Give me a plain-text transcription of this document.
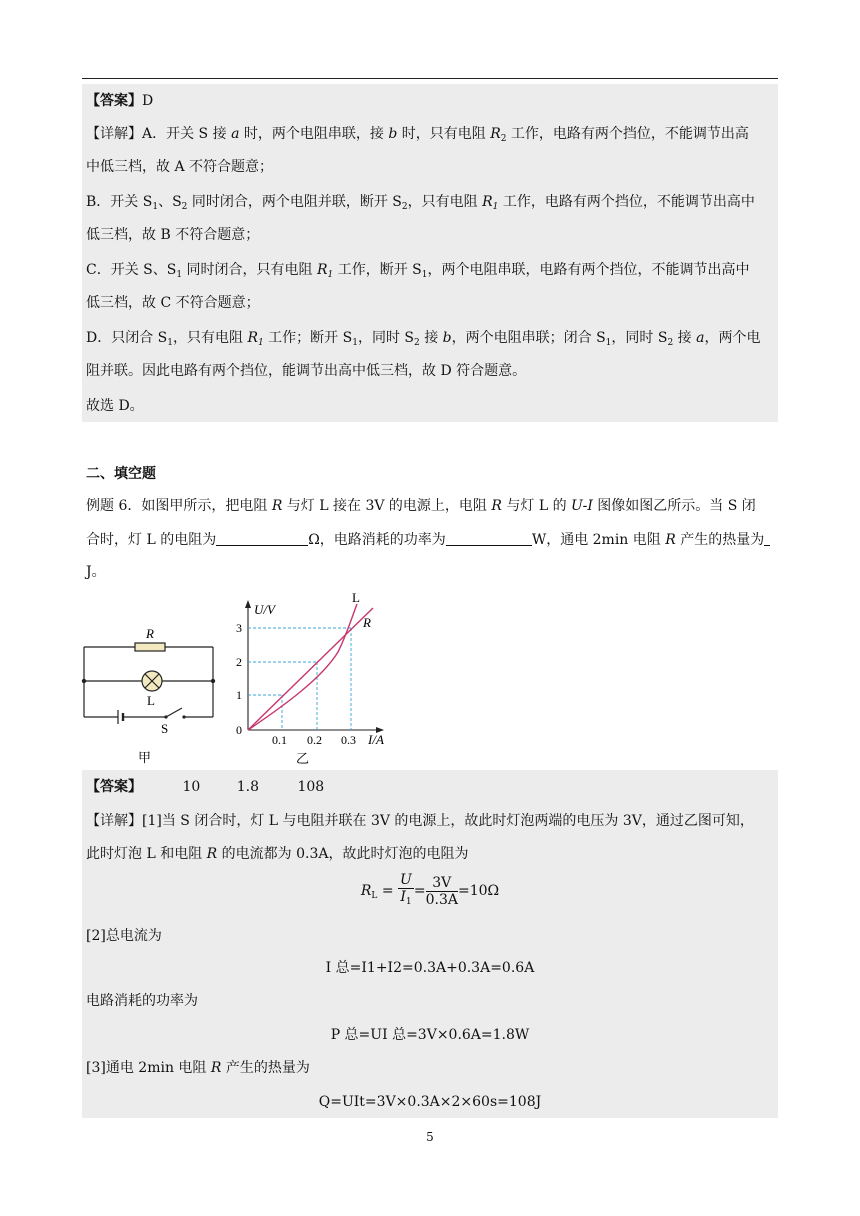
【答案】D
【详解】A．开关 S 接 a 时，两个电阻串联，接 b 时，只有电阻 $R_2$ 工作，电路有两个挡位，不能调节出高
中低三档，故 A 不符合题意；
B．开关 $S_1$、$S_2$ 同时闭合，两个电阻并联，断开 $S_2$，只有电阻 $R_1$ 工作，电路有两个挡位，不能调节出高中
低三档，故 B 不符合题意；
C．开关 S、$S_1$ 同时闭合，只有电阻 $R_1$ 工作，断开 $S_1$，两个电阻串联，电路有两个挡位，不能调节出高中
低三档，故 C 不符合题意；
D．只闭合 $S_1$，只有电阻 $R_1$ 工作；断开 $S_1$，同时 $S_2$ 接 b，两个电阻串联；闭合 $S_1$，同时 $S_2$ 接 a，两个电
阻并联。因此电路有两个挡位，能调节出高中低三档，故 D 符合题意。
故选 D。
二、填空题
例题 6．如图甲所示，把电阻 R 与灯 L 接在 3V 的电源上，电阻 R 与灯 L 的 U-I 图像如图乙所示。当 S 闭
合时，灯 L 的电阻为	Ω，电路消耗的功率为	W，通电 2min 电阻 R 产生的热量为
J。
R
L
S
甲
U/V
I/A
0
1
2
3
0.1 0.2 0.3
L
R
乙
【答案】	10	1.8	108
【详解】[1]当 S 闭合时，灯 L 与电阻并联在 3V 的电源上，故此时灯泡两端的电压为 3V，通过乙图可知，
此时灯泡 L 和电阻 R 的电流都为 0.3A，故此时灯泡的电阻为
$R_L = \frac{U}{I_1} = \frac{3V}{0.3A} =10\Omega$
[2]总电流为
I 总=I1+I2=0.3A+0.3A=0.6A
电路消耗的功率为
P 总=UI 总=3V×0.6A=1.8W
[3]通电 2min 电阻 R 产生的热量为
Q=UIt=3V×0.3A×2×60s=108J
5
